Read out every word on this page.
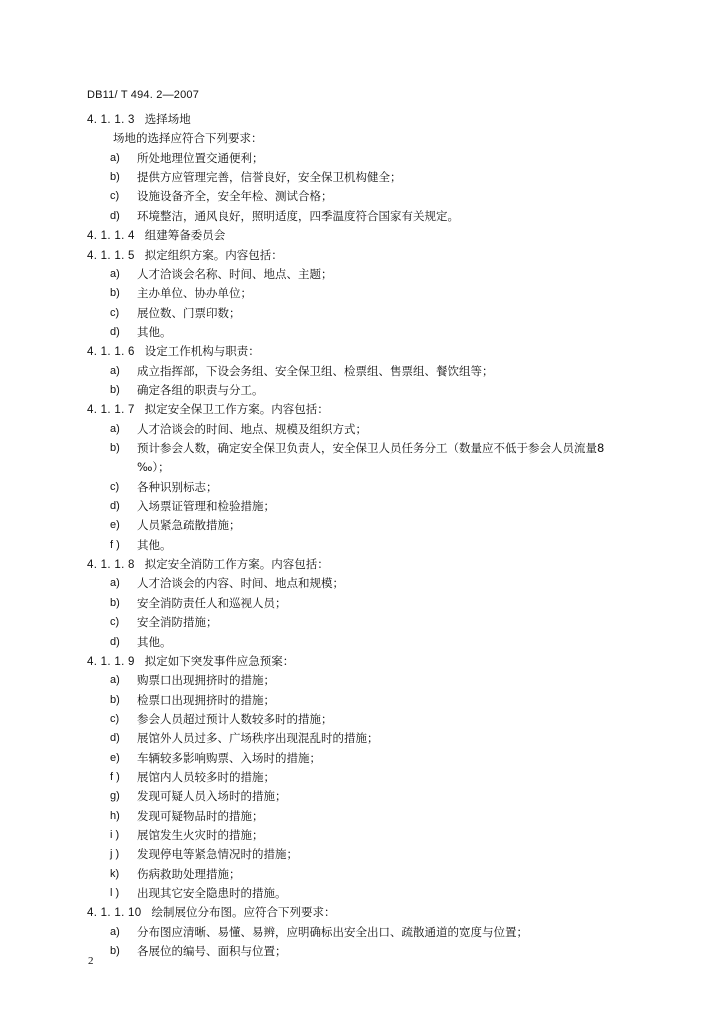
DB11/ T 494. 2—2007
4. 1. 1. 3 选择场地
场地的选择应符合下列要求：
a) 所处地理位置交通便利；
b) 提供方应管理完善，信誉良好，安全保卫机构健全；
c) 设施设备齐全，安全年检、测试合格；
d) 环境整洁，通风良好，照明适度，四季温度符合国家有关规定。
4. 1. 1. 4 组建筹备委员会
4. 1. 1. 5 拟定组织方案。内容包括：
a) 人才洽谈会名称、时间、地点、主题；
b) 主办单位、协办单位；
c) 展位数、门票印数；
d) 其他。
4. 1. 1. 6 设定工作机构与职责：
a) 成立指挥部，下设会务组、安全保卫组、检票组、售票组、餐饮组等；
b) 确定各组的职责与分工。
4. 1. 1. 7 拟定安全保卫工作方案。内容包括：
a) 人才洽谈会的时间、地点、规模及组织方式；
b) 预计参会人数，确定安全保卫负责人，安全保卫人员任务分工（数量应不低于参会人员流量8
‰）；
c) 各种识别标志；
d) 入场票证管理和检验措施；
e) 人员紧急疏散措施；
f ) 其他。
4. 1. 1. 8 拟定安全消防工作方案。内容包括：
a) 人才洽谈会的内容、时间、地点和规模；
b) 安全消防责任人和巡视人员；
c) 安全消防措施；
d) 其他。
4. 1. 1. 9 拟定如下突发事件应急预案：
a) 购票口出现拥挤时的措施；
b) 检票口出现拥挤时的措施；
c) 参会人员超过预计人数较多时的措施；
d) 展馆外人员过多、广场秩序出现混乱时的措施；
e) 车辆较多影响购票、入场时的措施；
f ) 展馆内人员较多时的措施；
g) 发现可疑人员入场时的措施；
h) 发现可疑物品时的措施；
i ) 展馆发生火灾时的措施；
j ) 发现停电等紧急情况时的措施；
k) 伤病救助处理措施；
l ) 出现其它安全隐患时的措施。
4. 1. 1. 10 绘制展位分布图。应符合下列要求：
a) 分布图应清晰、易懂、易辨，应明确标出安全出口、疏散通道的宽度与位置；
b) 各展位的编号、面积与位置；
2
